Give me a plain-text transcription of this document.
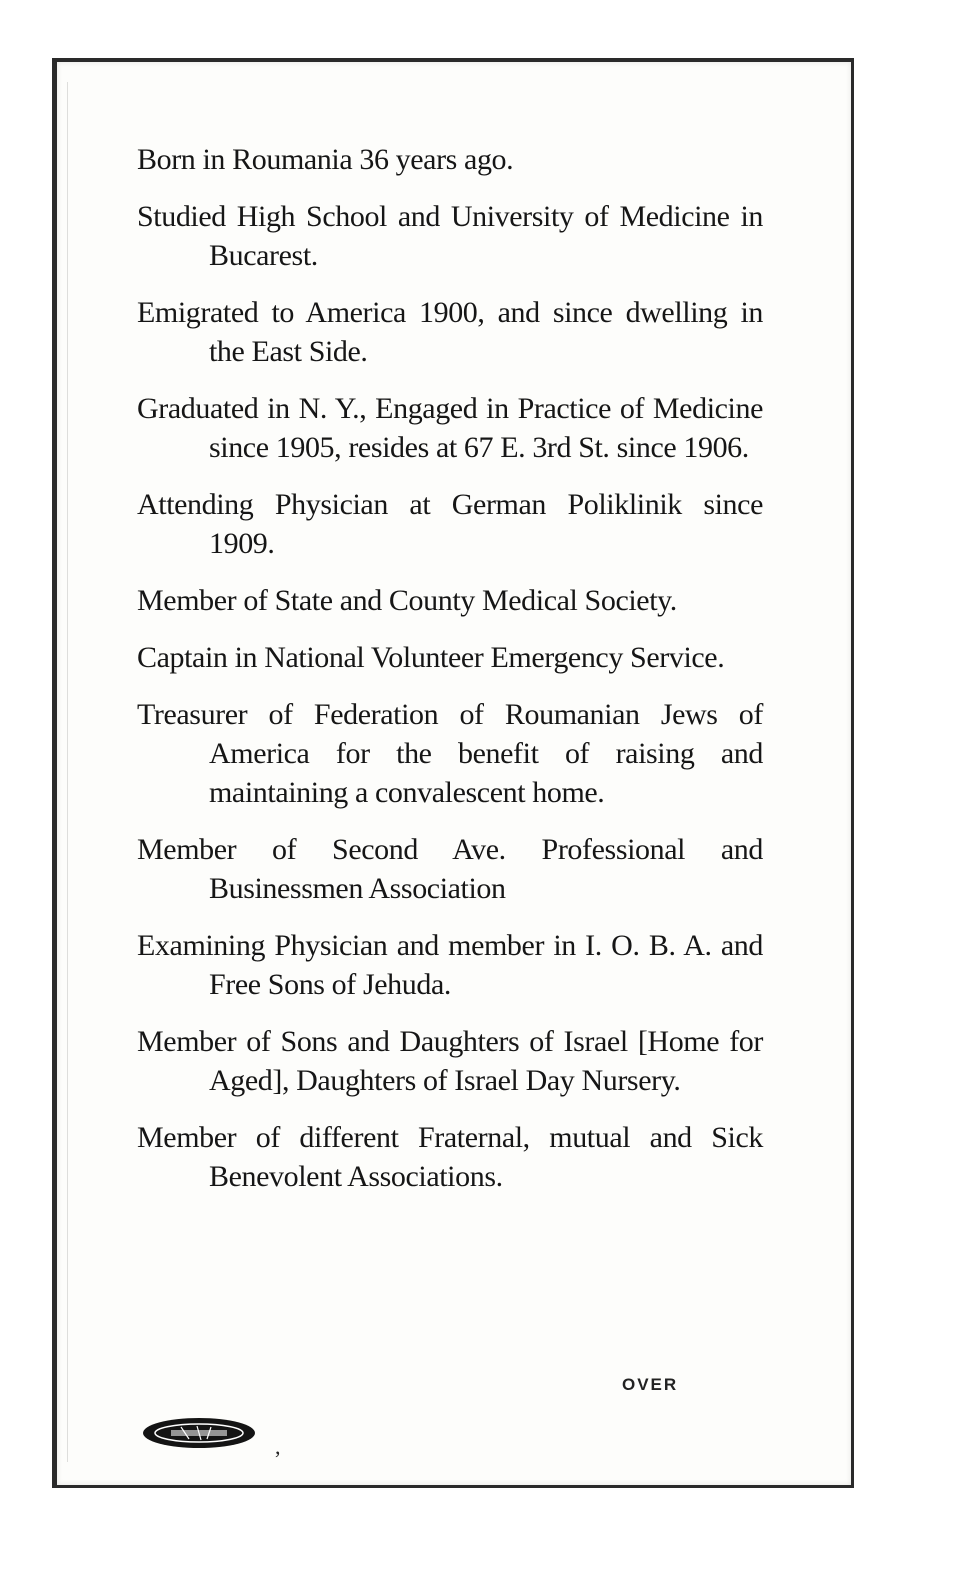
Born in Roumania 36 years ago.
Studied High School and University of Medicine in Bucarest.
Emigrated to America 1900, and since dwelling in the East Side.
Graduated in N. Y., Engaged in Practice of Medicine since 1905, resides at 67 E. 3rd St. since 1906.
Attending Physician at German Poliklinik since 1909.
Member of State and County Medical Society.
Captain in National Volunteer Emergency Service.
Treasurer of Federation of Roumanian Jews of America for the benefit of raising and maintaining a convalescent home.
Member of Second Ave. Professional and Businessmen Association
Examining Physician and member in I. O. B. A. and Free Sons of Jehuda.
Member of Sons and Daughters of Israel [Home for Aged], Daughters of Israel Day Nursery.
Member of different Fraternal, mutual and Sick Benevolent Associations.
OVER
,
